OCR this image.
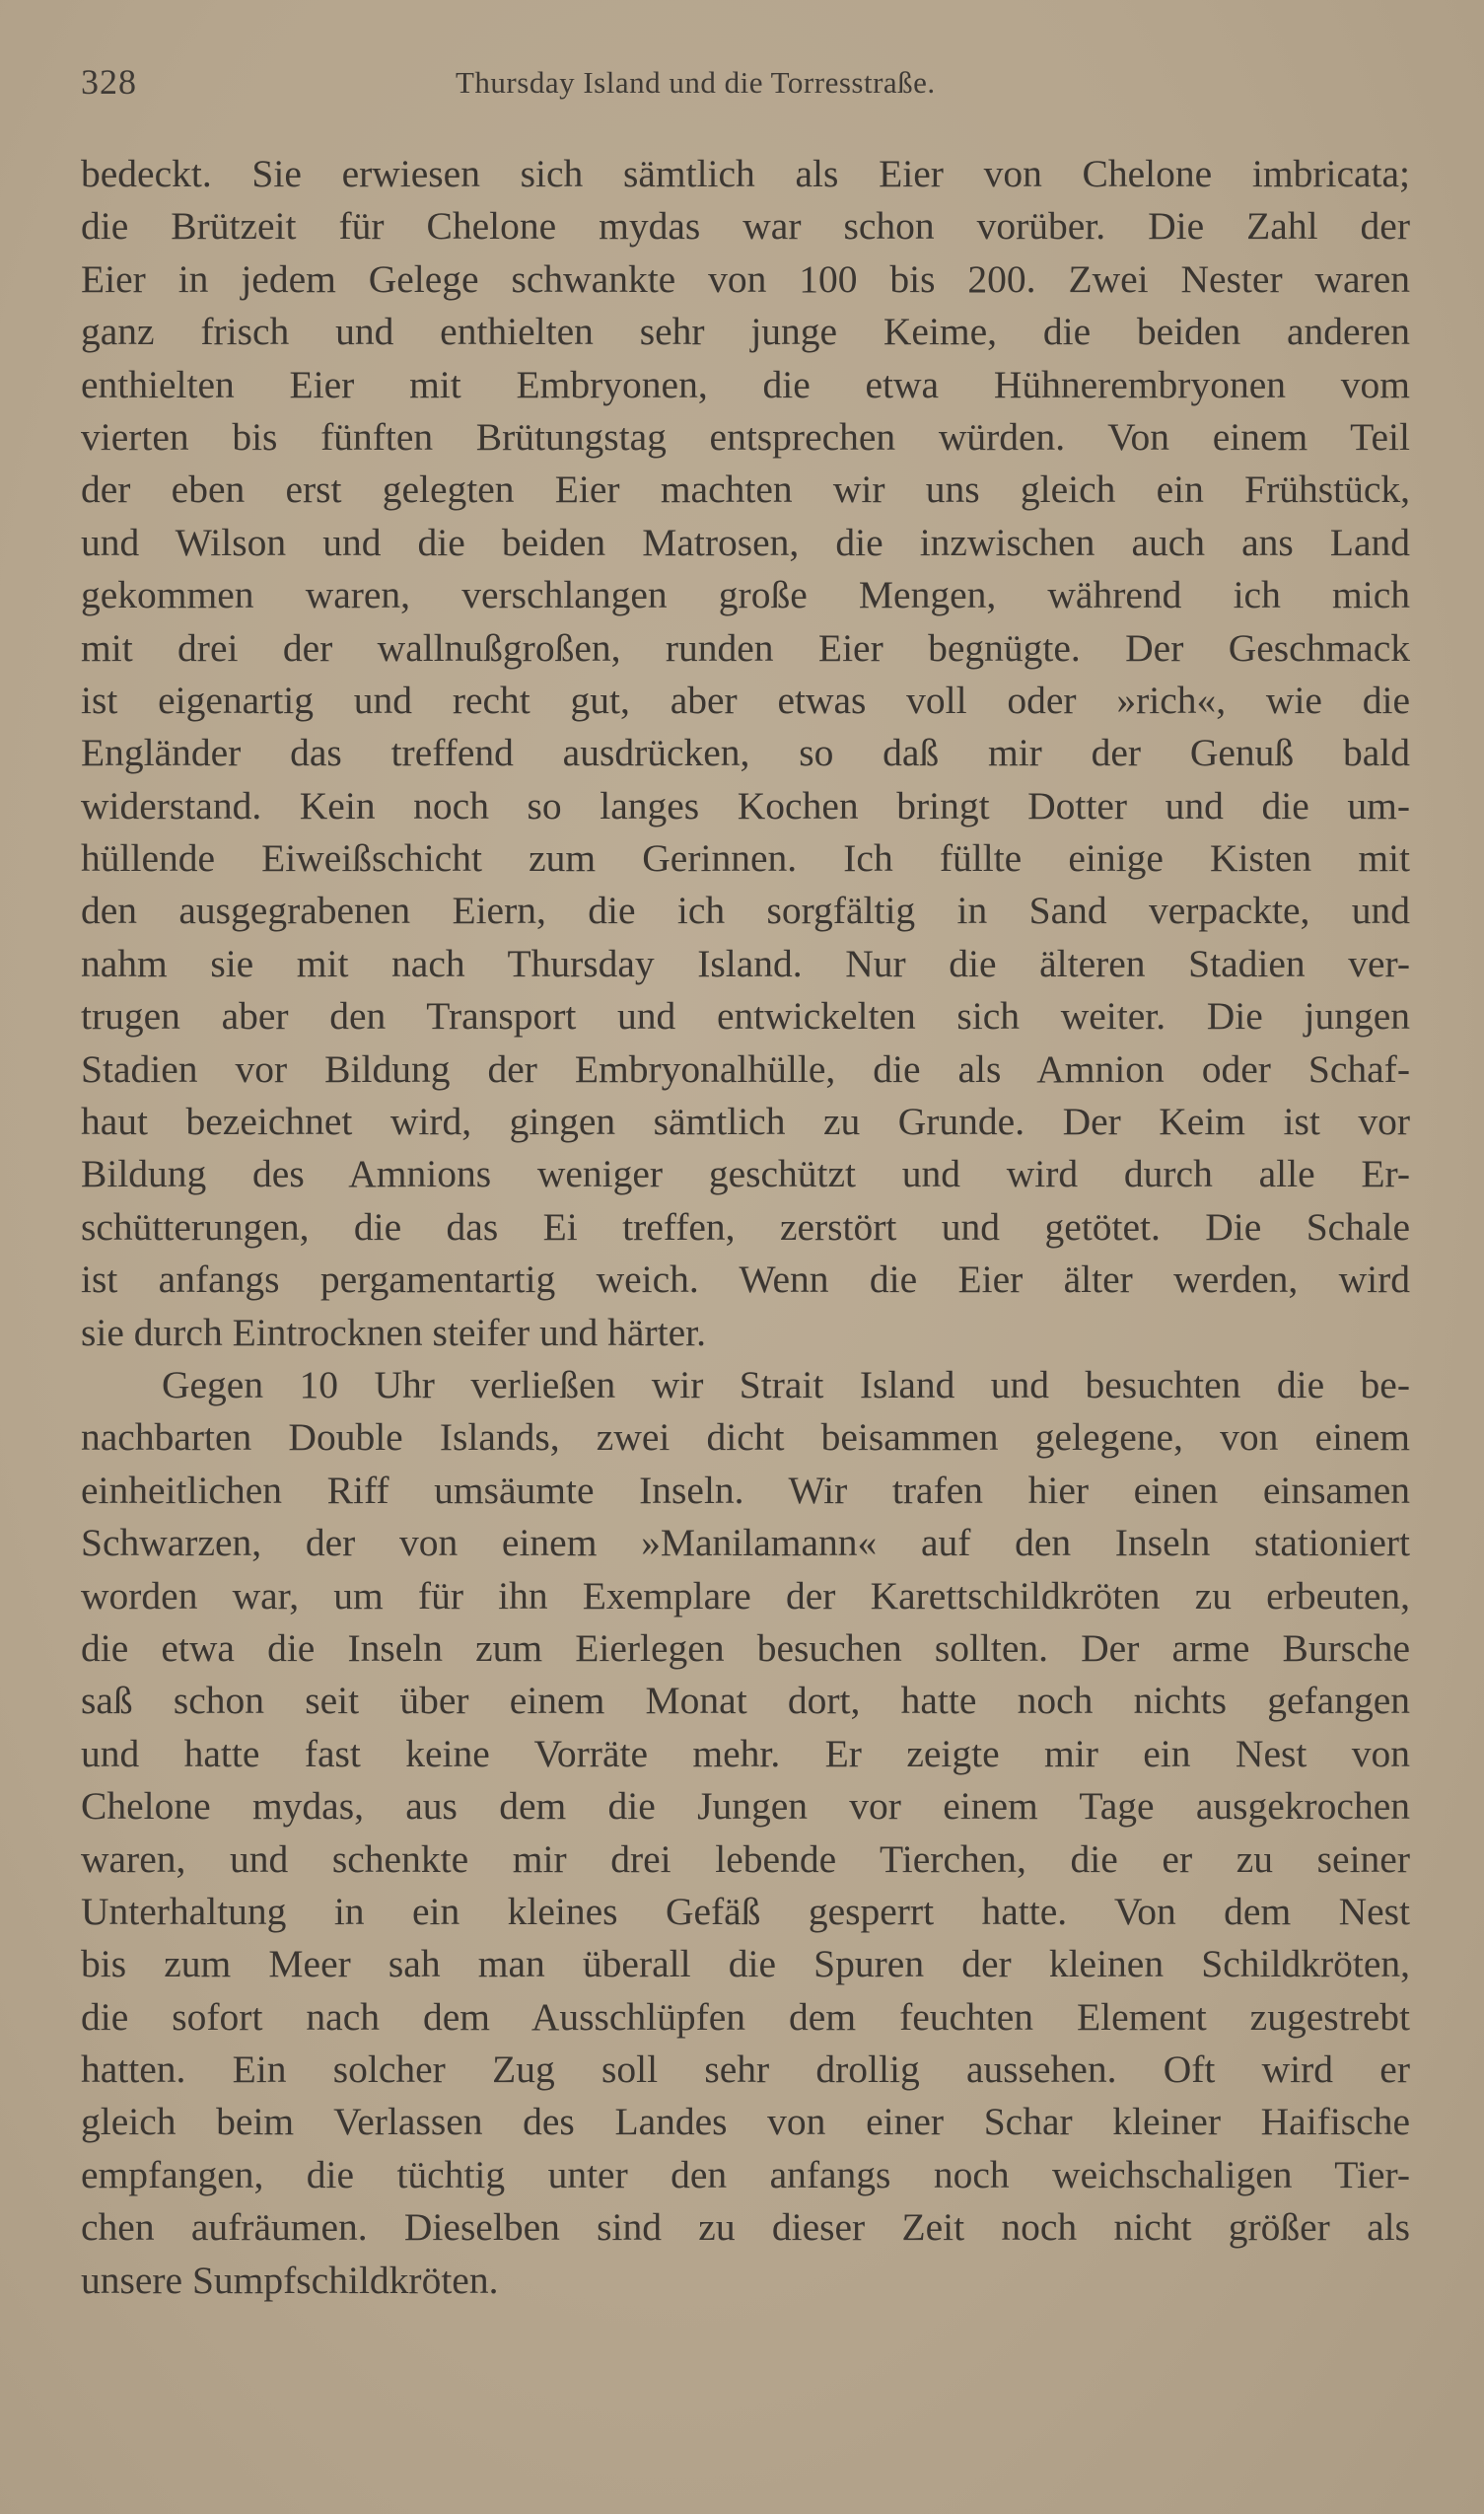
328	Thursday Island und die Torresstraße.
bedeckt. Sie erwiesen sich sämtlich als Eier von Chelone imbricata;
die Brützeit für Chelone mydas war schon vorüber. Die Zahl der
Eier in jedem Gelege schwankte von 100 bis 200. Zwei Nester waren
ganz frisch und enthielten sehr junge Keime, die beiden anderen
enthielten Eier mit Embryonen, die etwa Hühnerembryonen vom
vierten bis fünften Brütungstag entsprechen würden. Von einem Teil
der eben erst gelegten Eier machten wir uns gleich ein Frühstück,
und Wilson und die beiden Matrosen, die inzwischen auch ans Land
gekommen waren, verschlangen große Mengen, während ich mich
mit drei der wallnußgroßen, runden Eier begnügte. Der Geschmack
ist eigenartig und recht gut, aber etwas voll oder »rich«, wie die
Engländer das treffend ausdrücken, so daß mir der Genuß bald
widerstand. Kein noch so langes Kochen bringt Dotter und die um-
hüllende Eiweißschicht zum Gerinnen. Ich füllte einige Kisten mit
den ausgegrabenen Eiern, die ich sorgfältig in Sand verpackte, und
nahm sie mit nach Thursday Island. Nur die älteren Stadien ver-
trugen aber den Transport und entwickelten sich weiter. Die jungen
Stadien vor Bildung der Embryonalhülle, die als Amnion oder Schaf-
haut bezeichnet wird, gingen sämtlich zu Grunde. Der Keim ist vor
Bildung des Amnions weniger geschützt und wird durch alle Er-
schütterungen, die das Ei treffen, zerstört und getötet. Die Schale
ist anfangs pergamentartig weich. Wenn die Eier älter werden, wird
sie durch Eintrocknen steifer und härter.
Gegen 10 Uhr verließen wir Strait Island und besuchten die be-
nachbarten Double Islands, zwei dicht beisammen gelegene, von einem
einheitlichen Riff umsäumte Inseln. Wir trafen hier einen einsamen
Schwarzen, der von einem »Manilamann« auf den Inseln stationiert
worden war, um für ihn Exemplare der Karettschildkröten zu erbeuten,
die etwa die Inseln zum Eierlegen besuchen sollten. Der arme Bursche
saß schon seit über einem Monat dort, hatte noch nichts gefangen
und hatte fast keine Vorräte mehr. Er zeigte mir ein Nest von
Chelone mydas, aus dem die Jungen vor einem Tage ausgekrochen
waren, und schenkte mir drei lebende Tierchen, die er zu seiner
Unterhaltung in ein kleines Gefäß gesperrt hatte. Von dem Nest
bis zum Meer sah man überall die Spuren der kleinen Schildkröten,
die sofort nach dem Ausschlüpfen dem feuchten Element zugestrebt
hatten. Ein solcher Zug soll sehr drollig aussehen. Oft wird er
gleich beim Verlassen des Landes von einer Schar kleiner Haifische
empfangen, die tüchtig unter den anfangs noch weichschaligen Tier-
chen aufräumen. Dieselben sind zu dieser Zeit noch nicht größer als
unsere Sumpfschildkröten.
